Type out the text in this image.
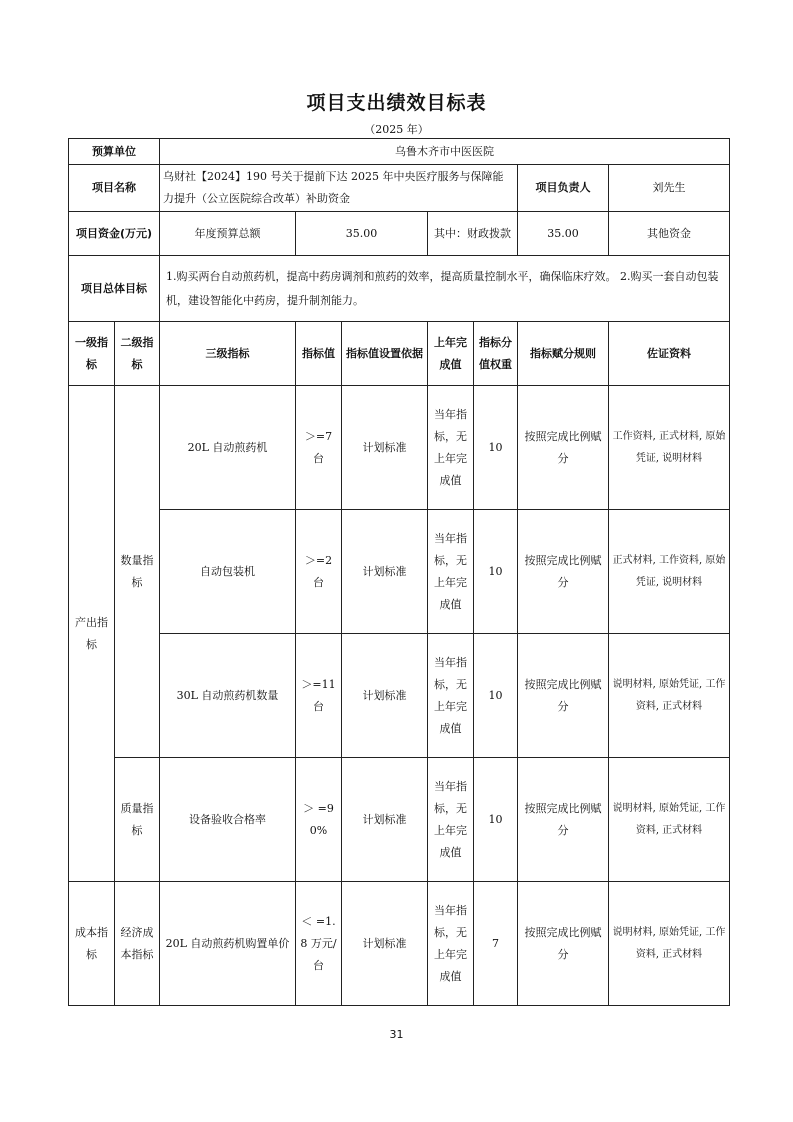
项目支出绩效目标表
（2025 年）
预算单位		乌鲁木齐市中医医院						
项目名称		乌财社【2024】190 号关于提前下达 2025 年中央医疗服务与保障能力提升（公立医院综合改革）补助资金					项目负责人	刘先生
项目资金(万元)		年度预算总额	35.00		其中：财政拨款		35.00	其他资金
项目总体目标		1.购买两台自动煎药机，提高中药房调剂和煎药的效率，提高质量控制水平，确保临床疗效。 2.购买一套自动包装机，建设智能化中药房，提升制剂能力。						
一级指标	二级指标	三级指标	指标值	指标值设置依据	上年完成值	指标分值权重	指标赋分规则	佐证资料
产出指标	数量指标	20L 自动煎药机	＞=7 台	计划标准	当年指标，无上年完成值	10	按照完成比例赋分	工作资料, 正式材料, 原始凭证, 说明材料
		自动包装机	＞=2 台	计划标准	当年指标，无上年完成值	10	按照完成比例赋分	正式材料, 工作资料, 原始凭证, 说明材料
		30L 自动煎药机数量	＞=11 台	计划标准	当年指标，无上年完成值	10	按照完成比例赋分	说明材料, 原始凭证, 工作资料, 正式材料
	质量指标	设备验收合格率	＞ =90%	计划标准	当年指标，无上年完成值	10	按照完成比例赋分	说明材料, 原始凭证, 工作资料, 正式材料
成本指标	经济成本指标	20L 自动煎药机购置单价	＜ =1.8 万元/台	计划标准	当年指标，无上年完成值	7	按照完成比例赋分	说明材料, 原始凭证, 工作资料, 正式材料
31
